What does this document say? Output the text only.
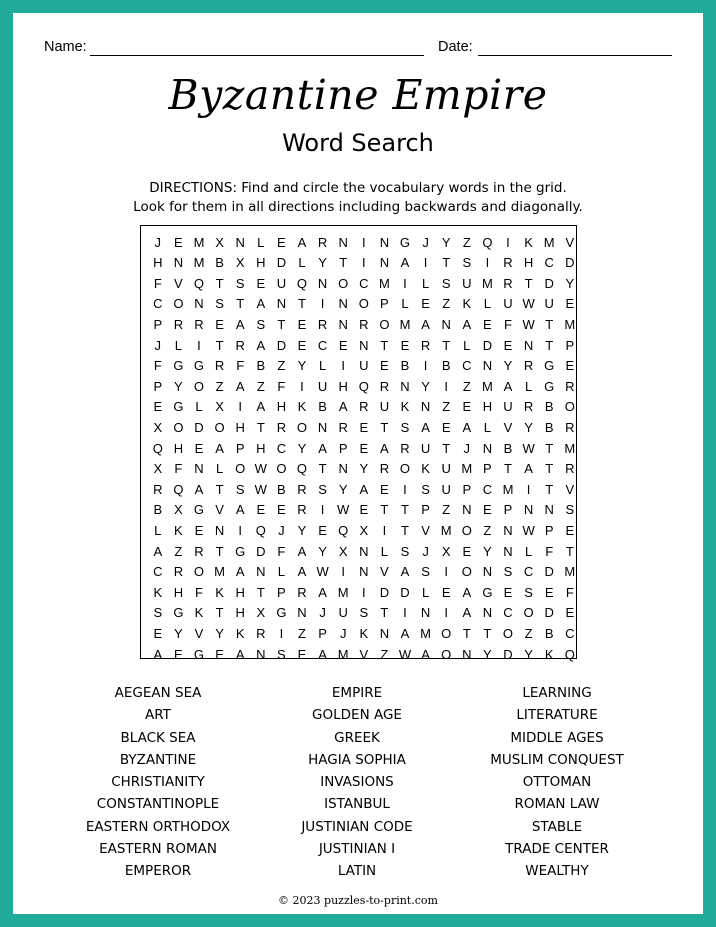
Name:	Date:
Byzantine Empire
Word Search
DIRECTIONS: Find and circle the vocabulary words in the grid.
Look for them in all directions including backwards and diagonally.
J	E M X N L E A R N	I	N G J	Y Z Q	I	K M V
H N M B X H D L Y T	I	N A	I	T S	I	R H C D
F V Q T S E U Q N O C M	I	L S U M R T D Y
C O N S T A N T	I	N O P L E Z K L U W U E
P R R E A S T E R N R O M A N A E F W T M
J	L	I	T R A D E C E N T E R T	L D E N T P
F G G R F B Z Y L	I	U E B	I	B C N Y R G E
P Y O Z A Z F	I	U H Q R N Y	I	Z M A L G R
E G L X	I	A H K B A R U K N Z E H U R B O
X O D O H T R O N R E T S A E A L V Y B R
Q H E A P H C Y A P E A R U T	J N B W T M
X F N L O W O Q T N Y R O K U M P T A T R
R Q A T S W B R S Y A E	I	S U P C M	I	T V
B X G V A E E R	I W E T T P Z N E P N N S
L K E N	I	Q J	Y E Q X	I	T V M O Z N W P E
A Z R T G D F A Y X N L S	J	X E Y N L	F T
C R O M A N L A W I	N V A S	I	O N S C D M
K H F K H T P R A M	I	D D L E A G E S E F
S G K T H X G N J U S T	I	N	I	A N C O D E
E Y V Y K R	I	Z P	J	K N A M O T T O Z B C
A E G E A N S E A M V Z W A O N Y D Y K Q
AEGEAN SEA
ART
BLACK SEA
BYZANTINE
CHRISTIANITY
CONSTANTINOPLE
EASTERN ORTHODOX
EASTERN ROMAN
EMPEROR
EMPIRE
GOLDEN AGE
GREEK
HAGIA SOPHIA
INVASIONS
ISTANBUL
JUSTINIAN CODE
JUSTINIAN I
LATIN
LEARNING
LITERATURE
MIDDLE AGES
MUSLIM CONQUEST
OTTOMAN
ROMAN LAW
STABLE
TRADE CENTER
WEALTHY
© 2023 puzzles-to-print.com
